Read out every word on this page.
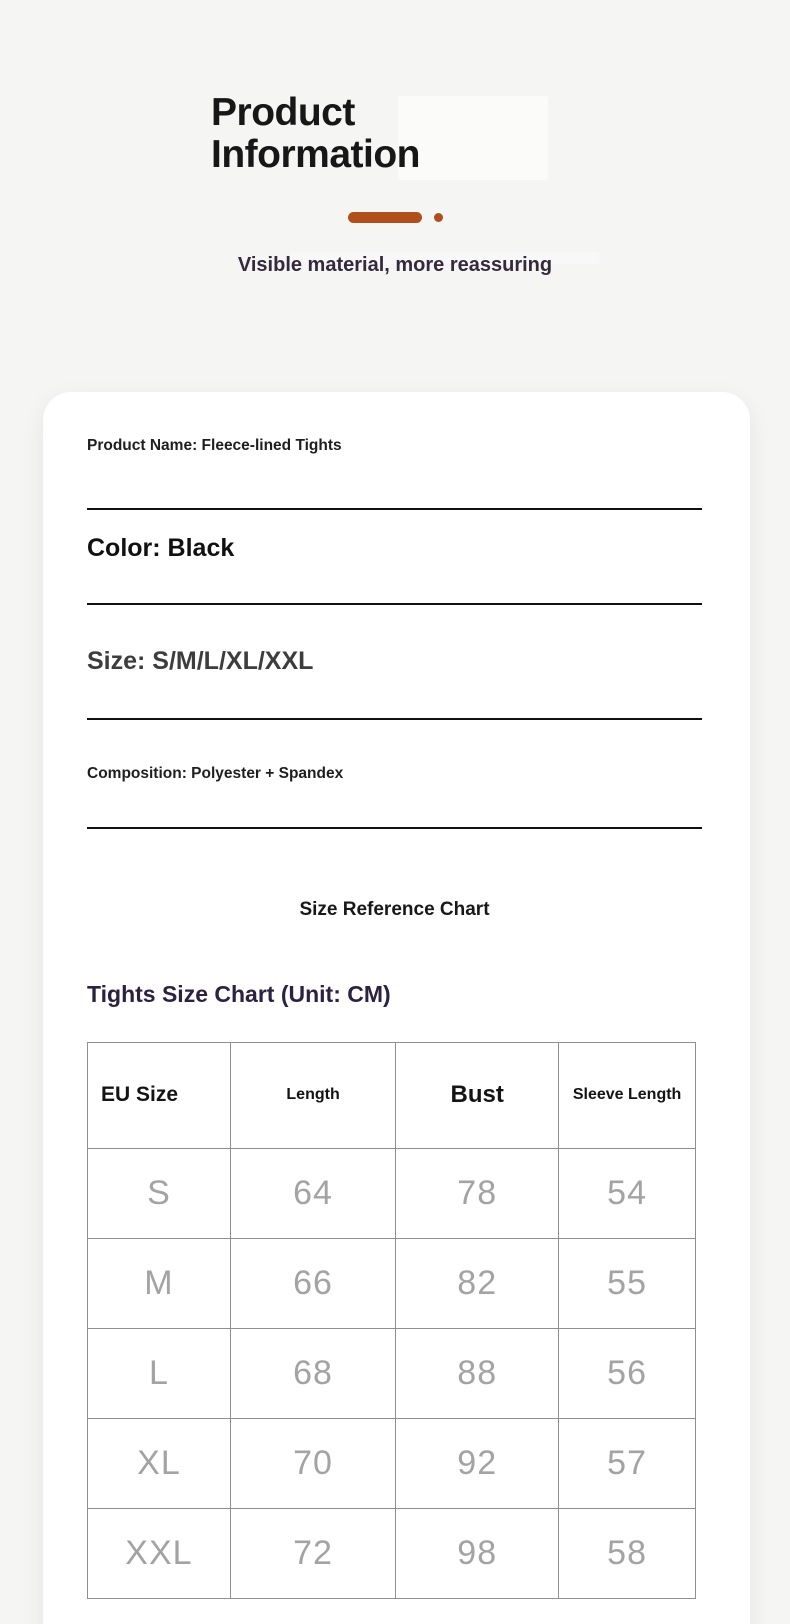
Product Information
Visible material, more reassuring
Product Name: Fleece-lined Tights
Color: Black
Size: S/M/L/XL/XXL
Composition: Polyester + Spandex
Size Reference Chart
Tights Size Chart (Unit: CM)
EU Size	Length	Bust	Sleeve Length
S	64	78	54
M	66	82	55
L	68	88	56
XL	70	92	57
XXL	72	98	58
